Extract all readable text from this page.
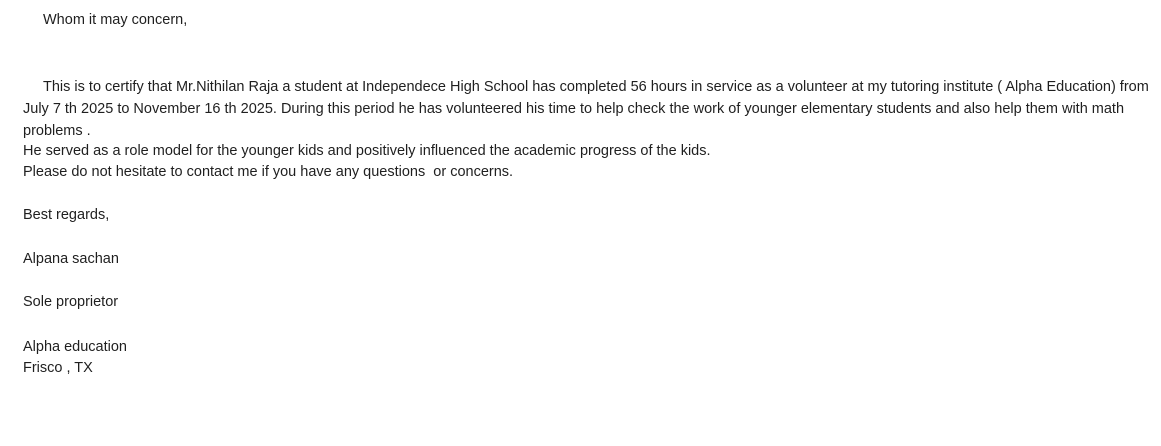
Whom it may concern,
This is to certify that Mr.Nithilan Raja a student at Independece High School has completed 56 hours in service as a volunteer at my tutoring institute ( Alpha Education) from July 7 th 2025 to November 16 th 2025. During this period he has volunteered his time to help check the work of younger elementary students and also help them with math problems .
He served as a role model for the younger kids and positively influenced the academic progress of the kids.
Please do not hesitate to contact me if you have any questions  or concerns.
Best regards,
Alpana sachan
Sole proprietor
Alpha education
Frisco , TX
